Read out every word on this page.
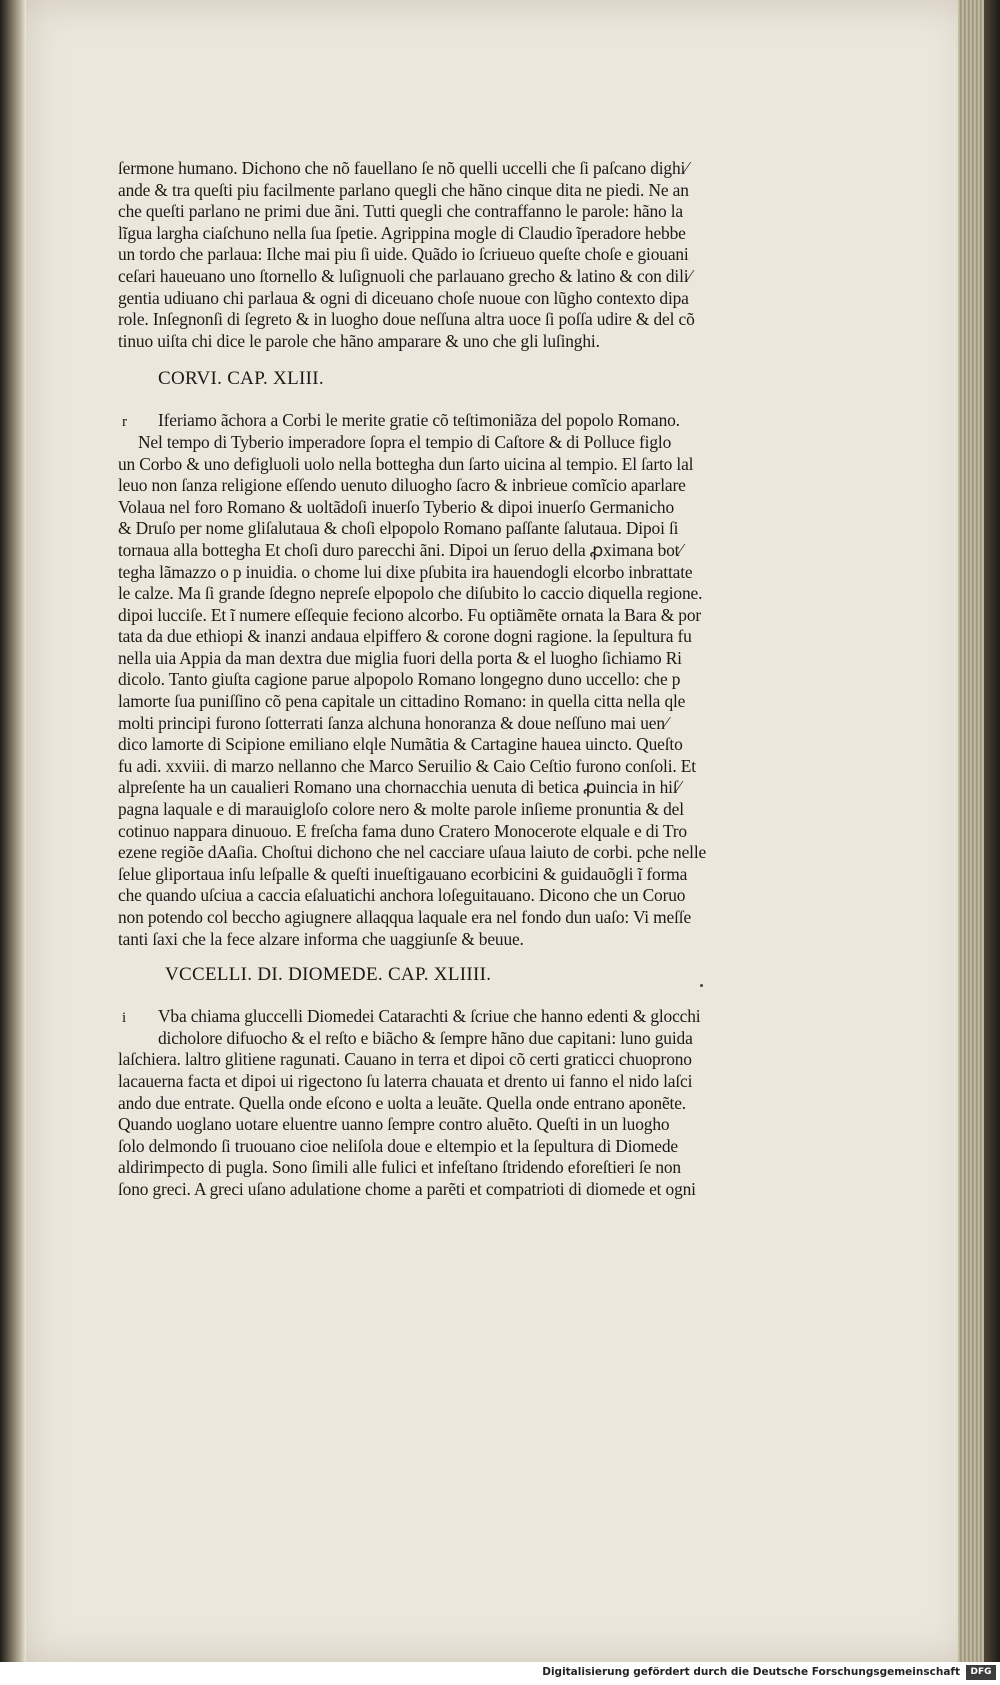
ſermone humano. Dichono che nõ fauellano ſe nõ quelli uccelli che ſi paſcano dighi⁄
ande & tra queſti piu facilmente parlano quegli che hãno cinque dita ne piedi. Ne an
che queſti parlano ne primi due ãni. Tutti quegli che contraffanno le parole: hãno la
lĩgua largha ciaſchuno nella ſua ſpetie. Agrippina mogle di Claudio ĩperadore hebbe
un tordo che parlaua: Ilche mai piu ſi uide. Quãdo io ſcriueuo queſte choſe e giouani
ceſari haueuano uno ſtornello & luſignuoli che parlauano grecho & latino & con dili⁄
gentia udiuano chi parlaua & ogni di diceuano choſe nuoue con lũgho contexto dipa
role. Inſegnonſi di ſegreto & in luogho doue neſſuna altra uoce ſi poſſa udire & del cõ
tinuo uiſta chi dice le parole che hãno amparare & uno che gli luſinghi.
CORVI. CAP. XLIII.
r Iferiamo ãchora a Corbi le merite gratie cõ teſtimoniãza del popolo Romano.
Nel tempo di Tyberio imperadore ſopra el tempio di Caſtore & di Polluce figlo
un Corbo & uno defigluoli uolo nella bottegha dun ſarto uicina al tempio. El ſarto lal
leuo non ſanza religione eſſendo uenuto diluogho ſacro & inbrieue comĩcio aparlare
Volaua nel foro Romano & uoltãdoſi inuerſo Tyberio & dipoi inuerſo Germanicho
& Druſo per nome gliſalutaua & choſi elpopolo Romano paſſante ſalutaua. Dipoi ſi
tornaua alla bottegha Et choſi duro parecchi ãni. Dipoi un ſeruo della ꝓximana bot⁄
tegha lãmazzo o p inuidia. o chome lui dixe pſubita ira hauendogli elcorbo inbrattate
le calze. Ma ſi grande ſdegno nepreſe elpopolo che diſubito lo caccio diquella regione.
dipoi lucciſe. Et ĩ numere eſſequie feciono alcorbo. Fu optiãmẽte ornata la Bara & por
tata da due ethiopi & inanzi andaua elpiffero & corone dogni ragione. la ſepultura fu
nella uia Appia da man dextra due miglia fuori della porta & el luogho ſichiamo Ri
dicolo. Tanto giuſta cagione parue alpopolo Romano longegno duno uccello: che p
lamorte ſua puniſſino cõ pena capitale un cittadino Romano: in quella citta nella qle
molti principi furono ſotterrati ſanza alchuna honoranza & doue neſſuno mai uen⁄
dico lamorte di Scipione emiliano elqle Numãtia & Cartagine hauea uincto. Queſto
fu adi. xxviii. di marzo nellanno che Marco Seruilio & Caio Ceſtio furono conſoli. Et
alpreſente ha un caualieri Romano una chornacchia uenuta di betica ꝓuincia in hiſ⁄
pagna laquale e di marauigloſo colore nero & molte parole inſieme pronuntia & del
cotinuo nappara dinuouo. E freſcha fama duno Cratero Monocerote elquale e di Tro
ezene regiõe dAaſia. Choſtui dichono che nel cacciare uſaua laiuto de corbi. pche nelle
ſelue gliportaua inſu leſpalle & queſti inueſtigauano ecorbicini & guidauõgli ĩ forma
che quando uſciua a caccia eſaluatichi anchora loſeguitauano. Dicono che un Coruo
non potendo col beccho agiugnere allaqqua laquale era nel fondo dun uaſo: Vi meſſe
tanti ſaxi che la fece alzare informa che uaggiunſe & beuue.
VCCELLI. DI. DIOMEDE. CAP. XLIIII.
i Vba chiama gluccelli Diomedei Catarachti & ſcriue che hanno edenti & glocchi
dicholore difuocho & el reſto e biãcho & ſempre hãno due capitani: luno guida
laſchiera. laltro glitiene ragunati. Cauano in terra et dipoi cõ certi graticci chuoprono
lacauerna facta et dipoi ui rigectono ſu laterra chauata et drento ui fanno el nido laſci
ando due entrate. Quella onde eſcono e uolta a leuãte. Quella onde entrano aponẽte.
Quando uoglano uotare eluentre uanno ſempre contro aluẽto. Queſti in un luogho
ſolo delmondo ſi truouano cioe neliſola doue e eltempio et la ſepultura di Diomede
aldirimpecto di pugla. Sono ſimili alle fulici et infeſtano ſtridendo eforeſtieri ſe non
ſono greci. A greci uſano adulatione chome a parẽti et compatrioti di diomede et ogni
Digitalisierung gefördert durch die Deutsche Forschungsgemeinschaft	DFG
